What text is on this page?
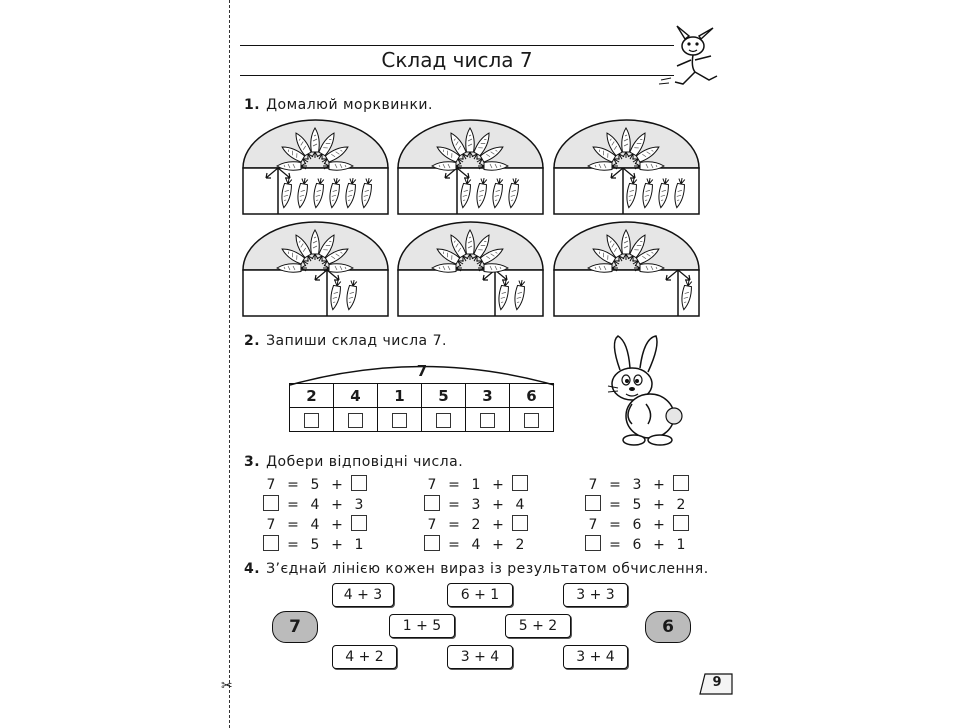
✂
Склад числа 7
1. Домалюй морквинки.
2. Запиши склад числа 7.
7
2	4	1	5	3	6

3. Добери відповідні числа.
7 = 5 +
= 4 + 3
7 = 4 +
= 5 + 1
7 = 1 +
= 3 + 4
7 = 2 +
= 4 + 2
7 = 3 +
= 5 + 2
7 = 6 +
= 6 + 1
4. З’єднай лінією кожен вираз із результатом обчислення.
7	6
4 + 3	6 + 1	3 + 3
1 + 5	5 + 2
4 + 2	3 + 4	3 + 4
9
